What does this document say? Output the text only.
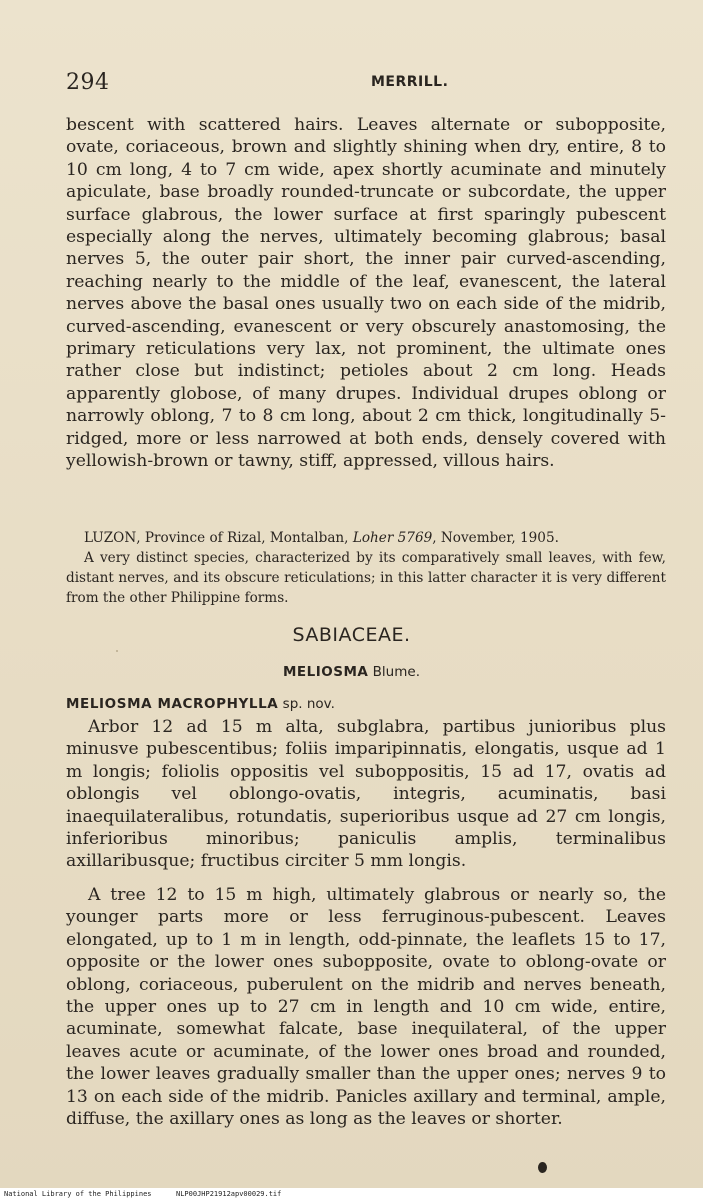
294	MERRILL.

bescent with scattered hairs. Leaves alternate or subopposite, ovate, coriaceous, brown and slightly shining when dry, entire, 8 to 10 cm long, 4 to 7 cm wide, apex shortly acuminate and minutely apiculate, base broadly rounded-truncate or subcordate, the upper surface glabrous, the lower surface at first sparingly pubescent especially along the nerves, ultimately becoming glabrous; basal nerves 5, the outer pair short, the inner pair curved-ascending, reaching nearly to the middle of the leaf, evanescent, the lateral nerves above the basal ones usually two on each side of the midrib, curved-ascending, evanescent or very obscurely anastomosing, the primary reticulations very lax, not prominent, the ultimate ones rather close but indistinct; petioles about 2 cm long. Heads apparently globose, of many drupes. Individual drupes oblong or narrowly oblong, 7 to 8 cm long, about 2 cm thick, longitudinally 5-ridged, more or less narrowed at both ends, densely covered with yellowish-brown or tawny, stiff, appressed, villous hairs.

LUZON, Province of Rizal, Montalban, Loher 5769, November, 1905.

A very distinct species, characterized by its comparatively small leaves, with few, distant nerves, and its obscure reticulations; in this latter character it is very different from the other Philippine forms.

SABIACEAE.
MELIOSMA Blume.
MELIOSMA MACROPHYLLA sp. nov.

Arbor 12 ad 15 m alta, subglabra, partibus junioribus plus minusve pubescentibus; foliis imparipinnatis, elongatis, usque ad 1 m longis; foliolis oppositis vel suboppositis, 15 ad 17, ovatis ad oblongis vel oblongo-ovatis, integris, acuminatis, basi inaequilateralibus, rotundatis, superioribus usque ad 27 cm longis, inferioribus minoribus; paniculis amplis, terminalibus axillaribusque; fructibus circiter 5 mm longis.

A tree 12 to 15 m high, ultimately glabrous or nearly so, the younger parts more or less ferruginous-pubescent. Leaves elongated, up to 1 m in length, odd-pinnate, the leaflets 15 to 17, opposite or the lower ones subopposite, ovate to oblong-ovate or oblong, coriaceous, puberulent on the midrib and nerves beneath, the upper ones up to 27 cm in length and 10 cm wide, entire, acuminate, somewhat falcate, base inequilateral, of the upper leaves acute or acuminate, of the lower ones broad and rounded, the lower leaves gradually smaller than the upper ones; nerves 9 to 13 on each side of the midrib. Panicles axillary and terminal, ample, diffuse, the axillary ones as long as the leaves or shorter.

National Library of the Philippines	NLP00JHP21912apv00029.tif
